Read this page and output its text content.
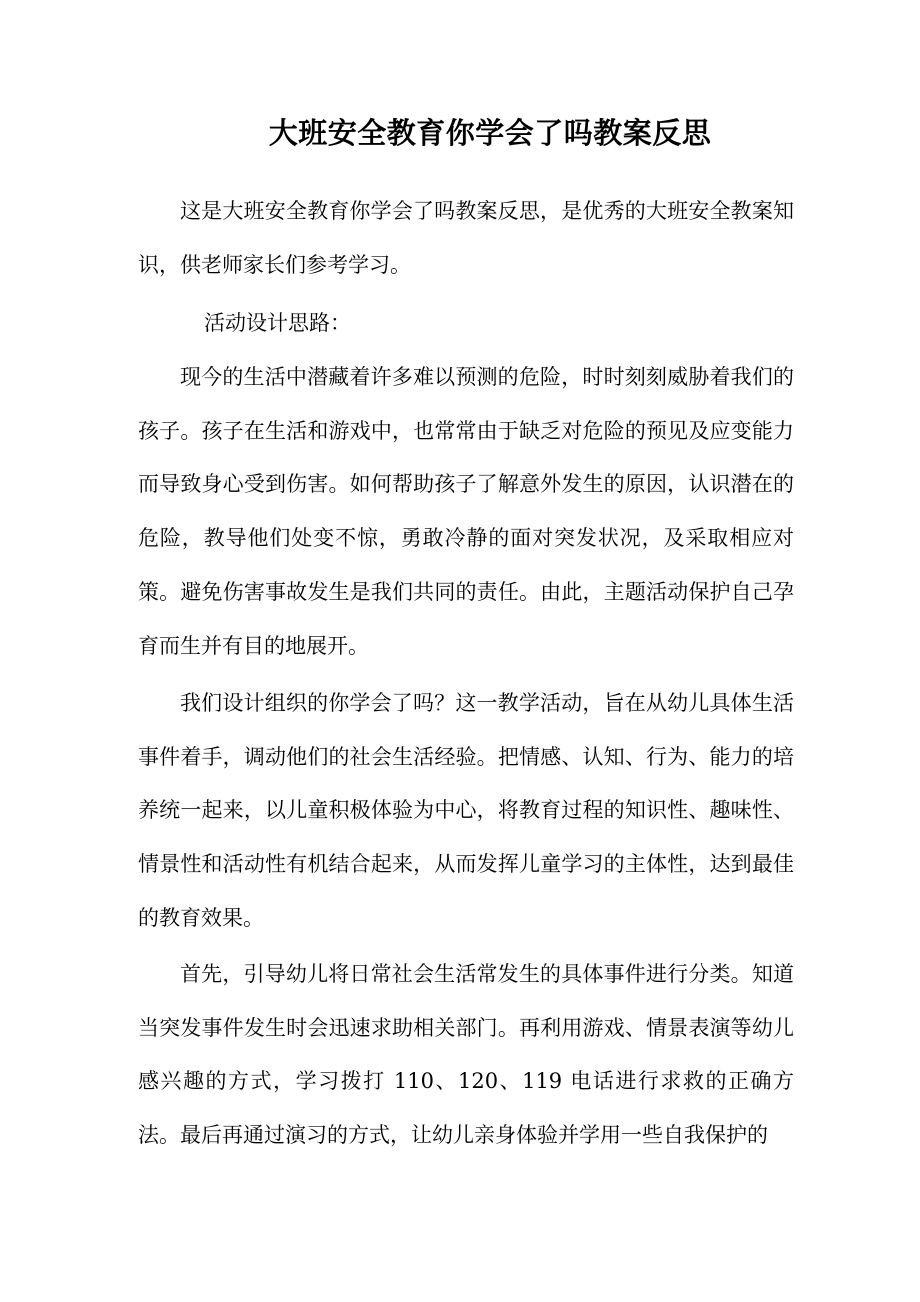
大班安全教育你学会了吗教案反思

这是大班安全教育你学会了吗教案反思，是优秀的大班安全教案知识，供老师家长们参考学习。

活动设计思路：

现今的生活中潜藏着许多难以预测的危险，时时刻刻威胁着我们的孩子。孩子在生活和游戏中，也常常由于缺乏对危险的预见及应变能力而导致身心受到伤害。如何帮助孩子了解意外发生的原因，认识潜在的危险，教导他们处变不惊，勇敢冷静的面对突发状况，及采取相应对策。避免伤害事故发生是我们共同的责任。由此，主题活动保护自己孕育而生并有目的地展开。

我们设计组织的你学会了吗？这一教学活动，旨在从幼儿具体生活事件着手，调动他们的社会生活经验。把情感、认知、行为、能力的培养统一起来，以儿童积极体验为中心，将教育过程的知识性、趣味性、情景性和活动性有机结合起来，从而发挥儿童学习的主体性，达到最佳的教育效果。

首先，引导幼儿将日常社会生活常发生的具体事件进行分类。知道当突发事件发生时会迅速求助相关部门。再利用游戏、情景表演等幼儿感兴趣的方式，学习拨打 110、120、119 电话进行求救的正确方法。最后再通过演习的方式，让幼儿亲身体验并学用一些自我保护的
